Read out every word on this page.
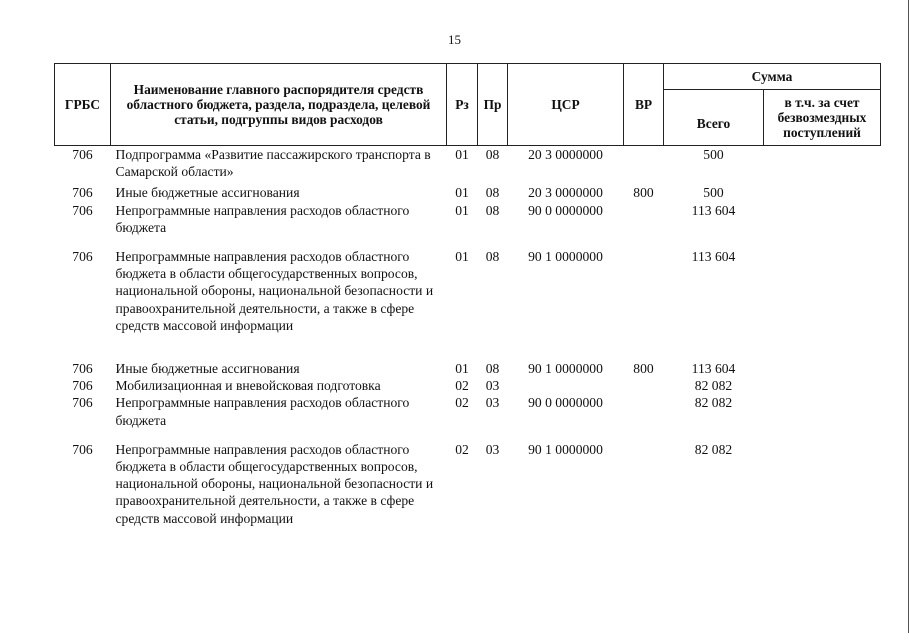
15
ГРБС	Наименование главного распорядителя средств областного бюджета, раздела, подраздела, целевой статьи, подгруппы видов расходов	Рз	Пр	ЦСР	ВР	Сумма	
						Всего	в т.ч. за счет безвозмездных поступлений
706	Подпрограмма «Развитие пассажирского транспорта в Самарской области»	01	08	20 3 0000000		500	
706	Иные бюджетные ассигнования	01	08	20 3 0000000	800	500	
706	Непрограммные направления расходов областного бюджета	01	08	90 0 0000000		113 604	
706	Непрограммные направления расходов областного бюджета в области общегосударственных вопросов, национальной обороны, национальной безопасности и правоохранительной деятельности, а также в сфере средств массовой информации	01	08	90 1 0000000		113 604	
706	Иные бюджетные ассигнования	01	08	90 1 0000000	800	113 604	
706	Мобилизационная и вневойсковая подготовка	02	03			82 082	
706	Непрограммные направления расходов областного бюджета	02	03	90 0 0000000		82 082	
706	Непрограммные направления расходов областного бюджета в области общегосударственных вопросов, национальной обороны, национальной безопасности и правоохранительной деятельности, а также в сфере средств массовой информации	02	03	90 1 0000000		82 082	
